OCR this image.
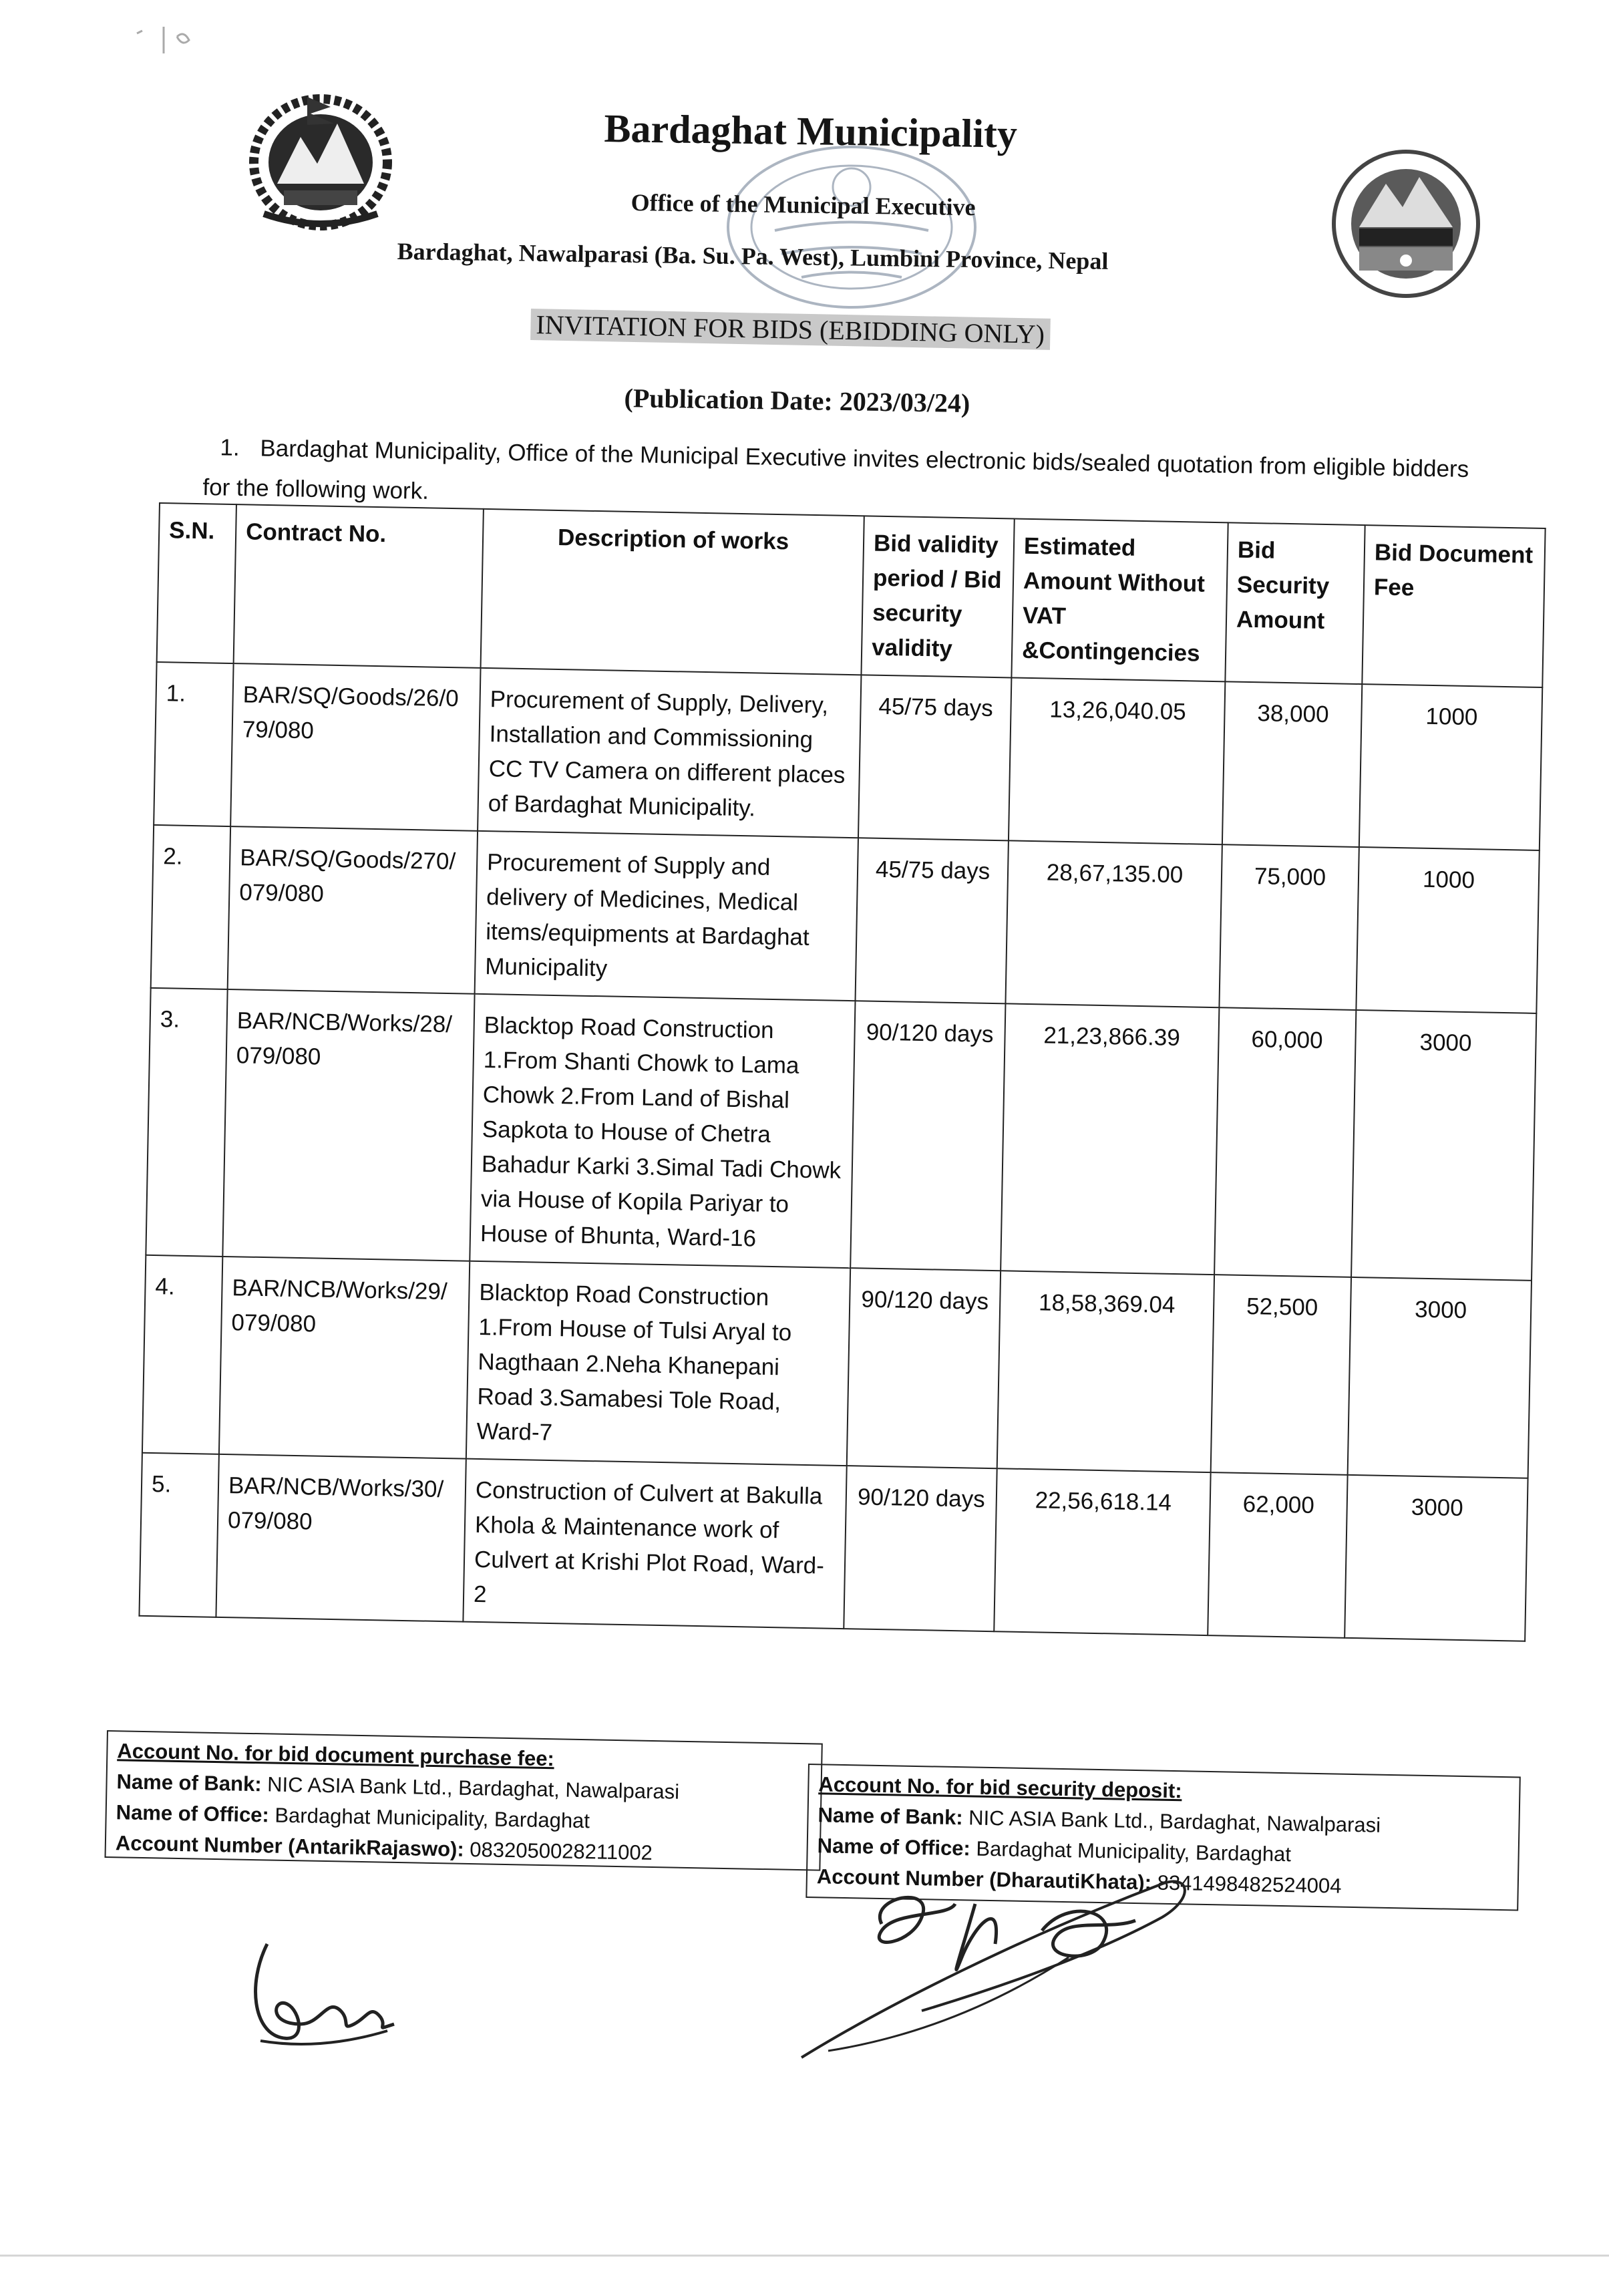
Bardaghat Municipality
Office of the Municipal Executive
Bardaghat, Nawalparasi (Ba. Su. Pa. West), Lumbini Province, Nepal
INVITATION FOR BIDS (EBIDDING ONLY)
(Publication Date: 2023/03/24)
1. Bardaghat Municipality, Office of the Municipal Executive invites electronic bids/sealed quotation from eligible bidders for the following work.
S.N.	Contract No.	Description of works	Bid validity period / Bid security validity	Estimated Amount Without VAT &Contingencies	Bid Security Amount	Bid Document Fee
1.	BAR/SQ/Goods/26/079/080	Procurement of Supply, Delivery, Installation and Commissioning CC TV Camera on different places of Bardaghat Municipality.	45/75 days	13,26,040.05	38,000	1000
2.	BAR/SQ/Goods/270/079/080	Procurement of Supply and delivery of Medicines, Medical items/equipments at Bardaghat Municipality	45/75 days	28,67,135.00	75,000	1000
3.	BAR/NCB/Works/28/079/080	Blacktop Road Construction 1.From Shanti Chowk to Lama Chowk 2.From Land of Bishal Sapkota to House of Chetra Bahadur Karki 3.Simal Tadi Chowk via House of Kopila Pariyar to House of Bhunta, Ward-16	90/120 days	21,23,866.39	60,000	3000
4.	BAR/NCB/Works/29/079/080	Blacktop Road Construction 1.From House of Tulsi Aryal to Nagthaan 2.Neha Khanepani Road 3.Samabesi Tole Road, Ward-7	90/120 days	18,58,369.04	52,500	3000
5.	BAR/NCB/Works/30/079/080	Construction of Culvert at Bakulla Khola & Maintenance work of Culvert at Krishi Plot Road, Ward-2	90/120 days	22,56,618.14	62,000	3000
Account No. for bid document purchase fee:
Name of Bank: NIC ASIA Bank Ltd., Bardaghat, Nawalparasi
Name of Office: Bardaghat Municipality, Bardaghat
Account Number (AntarikRajaswo): 0832050028211002
Account No. for bid security deposit:
Name of Bank: NIC ASIA Bank Ltd., Bardaghat, Nawalparasi
Name of Office: Bardaghat Municipality, Bardaghat
Account Number (DharautiKhata): 8341498482524004
